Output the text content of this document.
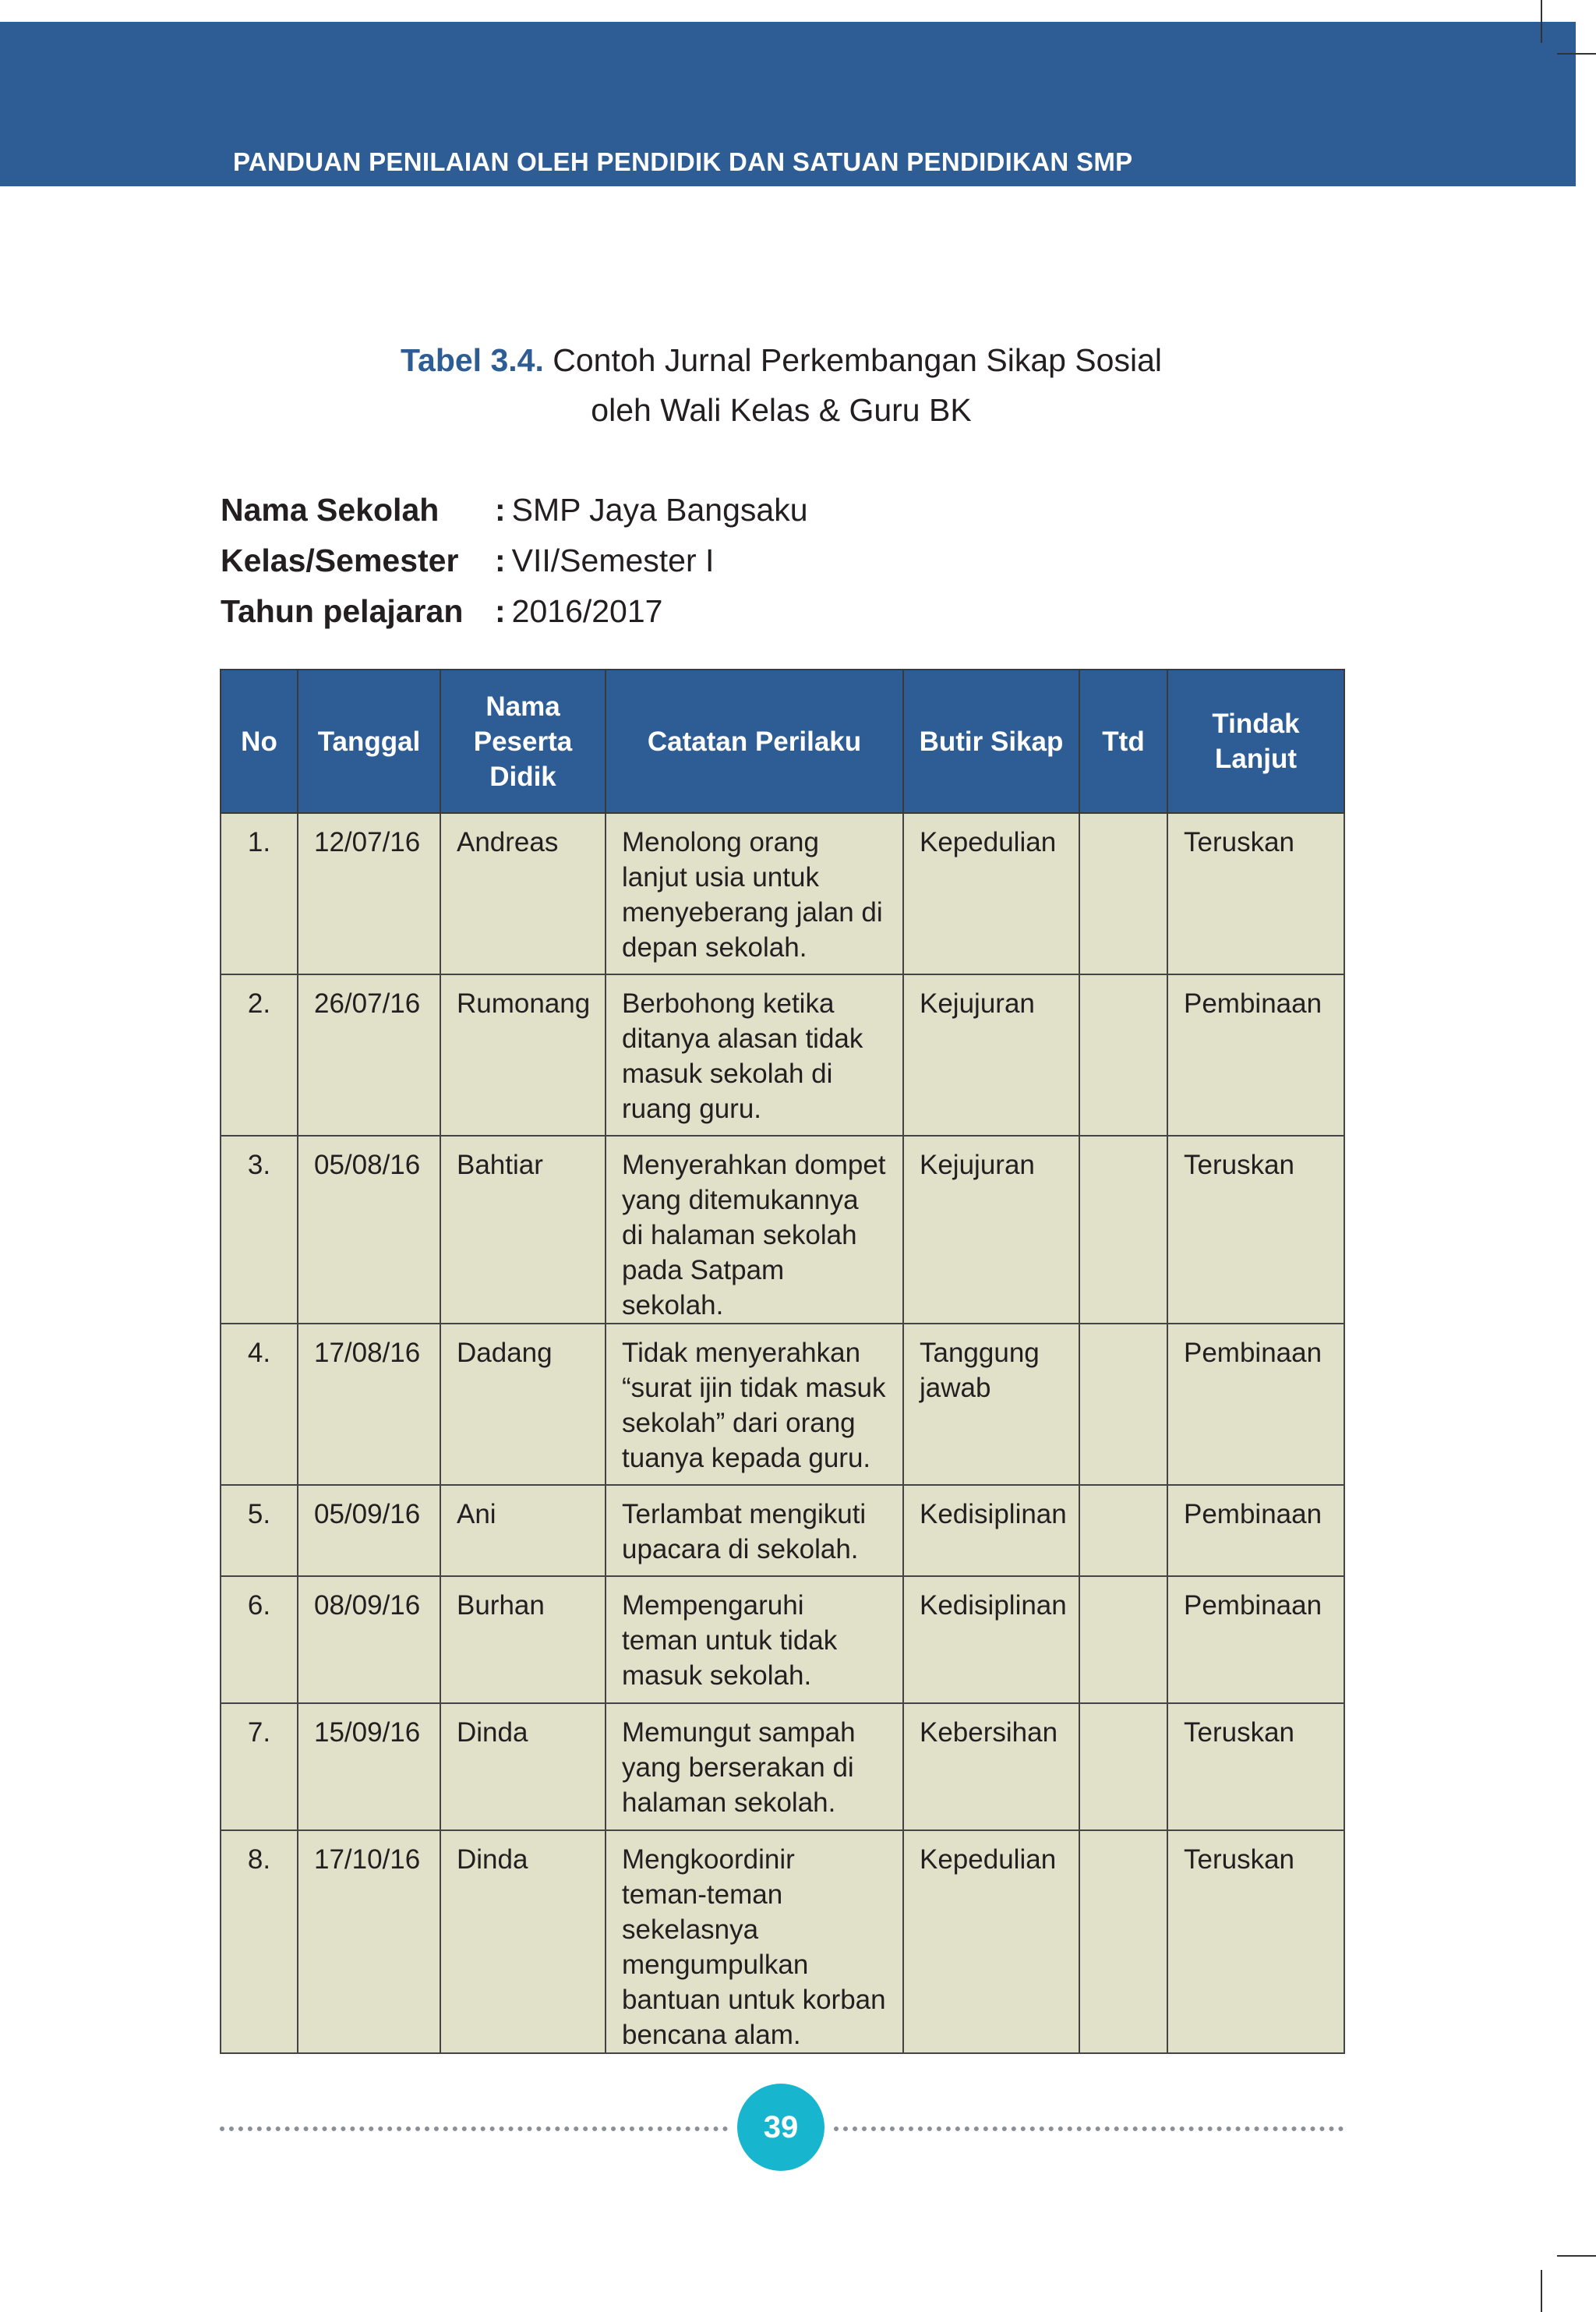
PANDUAN PENILAIAN OLEH PENDIDIK DAN SATUAN PENDIDIKAN SMP
Tabel 3.4. Contoh Jurnal Perkembangan Sikap Sosial
oleh Wali Kelas & Guru BK
Nama Sekolah	: SMP Jaya Bangsaku
Kelas/Semester	: VII/Semester I
Tahun pelajaran : 2016/2017
No	Tanggal	Nama Peserta Didik	Catatan Perilaku	Butir Sikap	Ttd	Tindak Lanjut
1.	12/07/16	Andreas	Menolong orang lanjut usia untuk menyeberang jalan di depan sekolah.	Kepedulian		Teruskan
2.	26/07/16	Rumonang	Berbohong ketika ditanya alasan tidak masuk sekolah di ruang guru.	Kejujuran		Pembinaan
3.	05/08/16	Bahtiar	Menyerahkan dompet yang ditemukannya di halaman sekolah pada Satpam sekolah.	Kejujuran		Teruskan
4.	17/08/16	Dadang	Tidak menyerahkan “surat ijin tidak masuk sekolah” dari orang tuanya kepada guru.	Tanggung jawab		Pembinaan
5.	05/09/16	Ani	Terlambat mengikuti upacara di sekolah.	Kedisiplinan		Pembinaan
6.	08/09/16	Burhan	Mempengaruhi teman untuk tidak masuk sekolah.	Kedisiplinan		Pembinaan
7.	15/09/16	Dinda	Memungut sampah yang berserakan di halaman sekolah.	Kebersihan		Teruskan
8.	17/10/16	Dinda	Mengkoordinir teman-teman sekelasnya mengumpulkan bantuan untuk korban bencana alam.	Kepedulian		Teruskan
39
